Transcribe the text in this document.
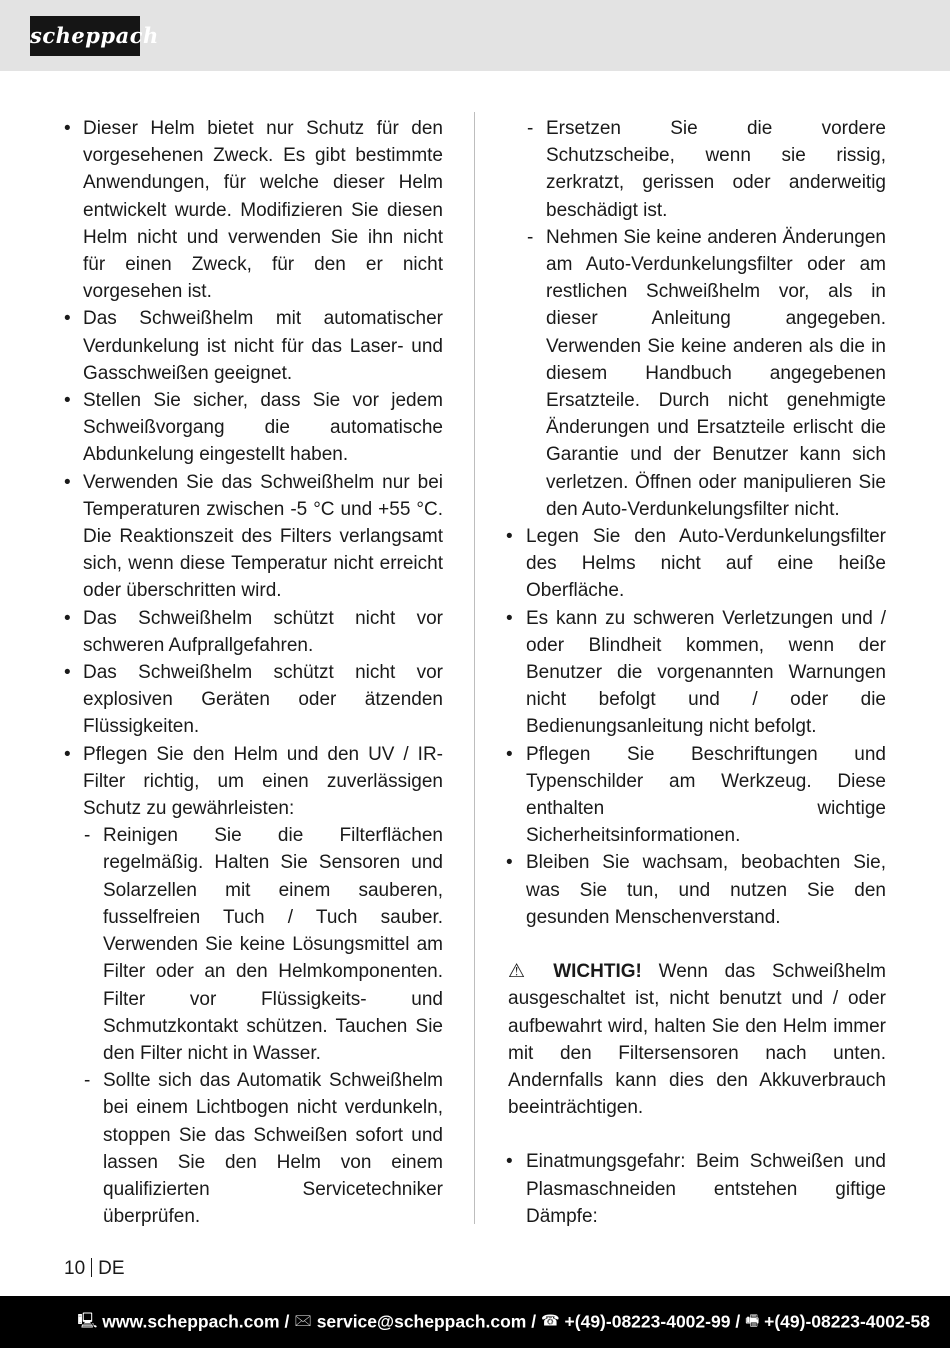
scheppach
• Dieser Helm bietet nur Schutz für den vorgesehenen Zweck. Es gibt bestimmte Anwendungen, für welche dieser Helm entwickelt wurde. Modifizieren Sie diesen Helm nicht und verwenden Sie ihn nicht für einen Zweck, für den er nicht vorgesehen ist.
• Das Schweißhelm mit automatischer Verdunkelung ist nicht für das Laser- und Gasschweißen geeignet.
• Stellen Sie sicher, dass Sie vor jedem Schweißvorgang die automatische Abdunkelung eingestellt haben.
• Verwenden Sie das Schweißhelm nur bei Temperaturen zwischen -5 °C und +55 °C. Die Reaktionszeit des Filters verlangsamt sich, wenn diese Temperatur nicht erreicht oder überschritten wird.
• Das Schweißhelm schützt nicht vor schweren Aufprallgefahren.
• Das Schweißhelm schützt nicht vor explosiven Geräten oder ätzenden Flüssigkeiten.
• Pflegen Sie den Helm und den UV / IR-Filter richtig, um einen zuverlässigen Schutz zu gewährleisten:
- Reinigen Sie die Filterflächen regelmäßig. Halten Sie Sensoren und Solarzellen mit einem sauberen, fusselfreien Tuch / Tuch sauber. Verwenden Sie keine Lösungsmittel am Filter oder an den Helmkomponenten. Filter vor Flüssigkeits- und Schmutzkontakt schützen. Tauchen Sie den Filter nicht in Wasser.
- Sollte sich das Automatik Schweißhelm bei einem Lichtbogen nicht verdunkeln, stoppen Sie das Schweißen sofort und lassen Sie den Helm von einem qualifizierten Servicetechniker überprüfen.
- Ersetzen Sie die vordere Schutzscheibe, wenn sie rissig, zerkratzt, gerissen oder anderweitig beschädigt ist.
- Nehmen Sie keine anderen Änderungen am Auto-Verdunkelungsfilter oder am restlichen Schweißhelm vor, als in dieser Anleitung angegeben. Verwenden Sie keine anderen als die in diesem Handbuch angegebenen Ersatzteile. Durch nicht genehmigte Änderungen und Ersatzteile erlischt die Garantie und der Benutzer kann sich verletzen. Öffnen oder manipulieren Sie den Auto-Verdunkelungsfilter nicht.
• Legen Sie den Auto-Verdunkelungsfilter des Helms nicht auf eine heiße Oberfläche.
• Es kann zu schweren Verletzungen und / oder Blindheit kommen, wenn der Benutzer die vorgenannten Warnungen nicht befolgt und / oder die Bedienungsanleitung nicht befolgt.
• Pflegen Sie Beschriftungen und Typenschilder am Werkzeug. Diese enthalten wichtige Sicherheitsinformationen.
• Bleiben Sie wachsam, beobachten Sie, was Sie tun, und nutzen Sie den gesunden Menschenverstand.

⚠ WICHTIG! Wenn das Schweißhelm ausgeschaltet ist, nicht benutzt und / oder aufbewahrt wird, halten Sie den Helm immer mit den Filtersensoren nach unten. Andernfalls kann dies den Akkuverbrauch beeinträchtigen.

• Einatmungsgefahr: Beim Schweißen und Plasmaschneiden entstehen giftige Dämpfe:
10 DE
🖳 www.scheppach.com / 🖂 service@scheppach.com / ☎ +(49)-08223-4002-99 / 🖷 +(49)-08223-4002-58
